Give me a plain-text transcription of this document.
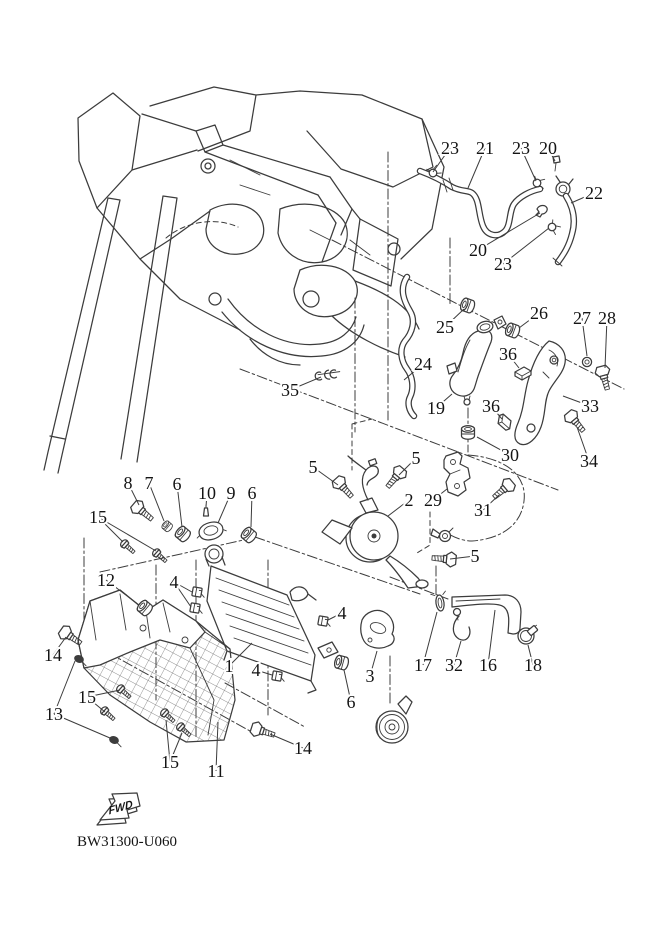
23 21 23 20
22
20
23
25
26 27 28
24	36
19 36	33
35
30	34
5
5
2 29 31
5
8 7 6 10 9 6
15
12	4
4
1 4	3
6
17 32 16 18
14
13
15
15 11
14
FWD
BW31300-U060
